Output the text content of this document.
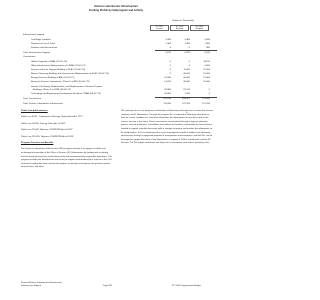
Science Laboratories Infrastructure
Funding Profile by Subprogram and Activity
(Dollars in Thousands)
FY 2012
Current
FY 2013
Enacted
FY 2014
Request
Infrastructure Support
Oak Ridge Landlord	5,350	5,485	5,694
Payment in Lieu of Taxes	1,362	1,385	1,385
Facilities and Infrastructure	0	0	800
Total, Infrastructure Support	6,612	6,878	6,226
Construction
Utilities Upgrade at FNAL (13-SC-70)	0	0	34,911
Utility Infrastructure Modernization at TJNAF (13-SC-71)	0	0	4,000
Science and User Support Building at SLAC (10-SC-70)	0	11,000	22,200
Renew Chemistry Building and Infrastructure Modernization at SLAC (10-SC-70)	0	45,000	15,000
Energy Sciences Building at ANL (10-SC-71)	14,430	40,000	27,000
Research Science Laboratories, Phase II at BNL (10-SC-72)	14,635	40,500	10,000
Seismic Life-Safety, Modernization, and Replacement of General Purpose
Buildings, Phase 2 at LBNL (09-SC-72)	29,980	25,574	0
Technology and Engineering Development Facility at TJNAF (09-SC-74)	20,055	7,440	0
Total, Construction	103,230	168,557	116,000
Total, Science Laboratories Infrastructure	111,842	175,315	121,226
%

Public Law Authorizations

Public Law 95-91, "Department of Energy Organization Act" 1977

Public Law 109-58, "Energy Policy Act of 2005"

Public Law 110-69, "America COMPETES Act of 2007"

Public Law 111-358, "America COMPETES Act of 2010"

Program Overview and Benefits

The Science Laboratories Infrastructure (SLI) program mission is to support scientific and technological innovation at the Office of Science (SC) laboratories by funding and sustaining mission-ready infrastructure and fostering safe and environmentally responsible operations. The program provides the infrastructure necessary to support world leadership in science in the 21st century by funding line item construction projects to maintain and improve the general purpose infrastructure; and other

SLI's primary focus is on long-term revitalization of laboratory infrastructure to ensure the mission readiness of SC laboratories. Through the program SC is moving the laboratory infrastructure from its current condition to a level that will position the laboratories to meet the needs of the science mission in the future. These investments are prioritized through a rigorous planning process and will modernize, consolidate, and replace the facilities, and provide the infrastructure needed to support scientific discovery, build a stronger economy, and position the laboratories to be world leaders. SC has implemented an asset management model to address the laboratory infrastructure through a integrated program of management and investment, and that SLI can be leveraged to support the future of the laboratories in support of DOE's overall goals and the SC mission. The SLI budget contributes and helps focus investments and reduce operating costs.

Science/Science Laboratories Infrastructure/
Infrastructure Support	Page 353	FY 2014 Congressional Budget
